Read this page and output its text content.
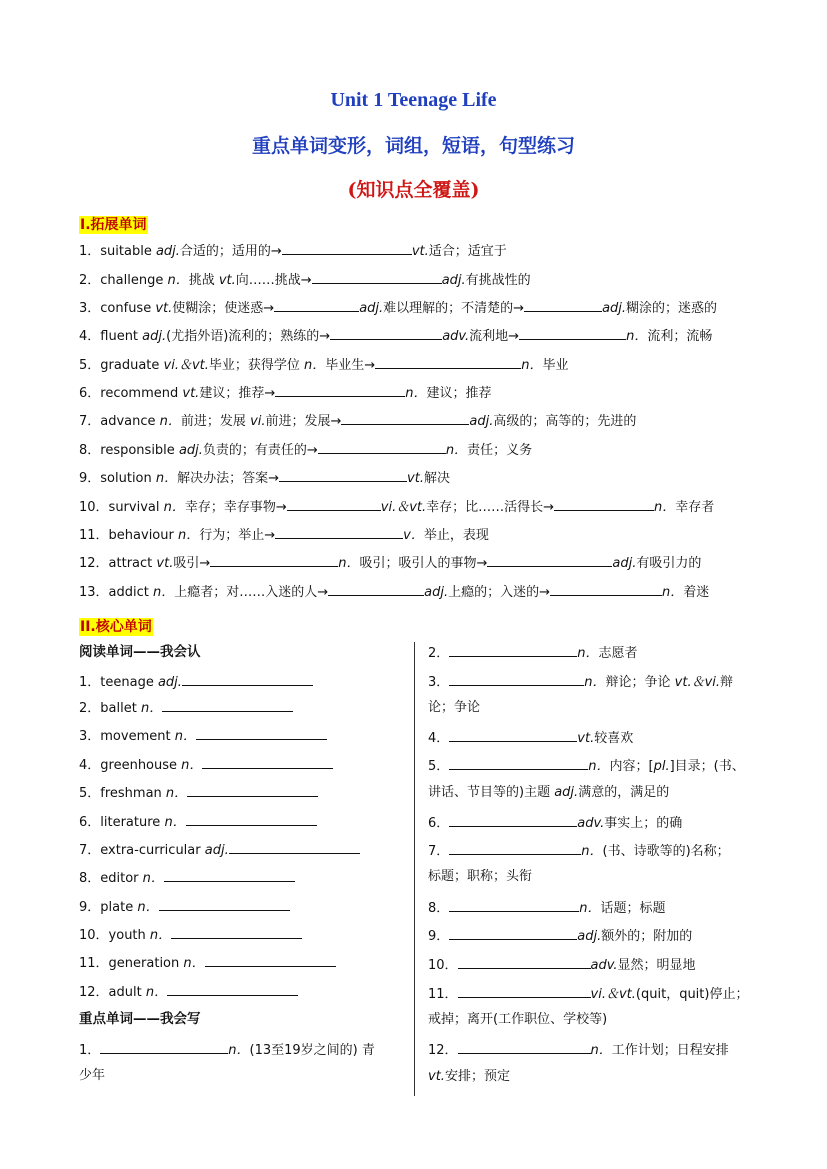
Unit 1 Teenage Life
重点单词变形，词组，短语，句型练习
(知识点全覆盖)
I.拓展单词
1．suitable adj.合适的；适用的→	vt.适合；适宜于
2．challenge n．挑战 vt.向……挑战→	adj.有挑战性的
3．confuse vt.使糊涂；使迷惑→	adj.难以理解的；不清楚的→	adj.糊涂的；迷惑的
4．fluent adj.(尤指外语)流利的；熟练的→	adv.流利地→	n．流利；流畅
5．graduate vi.＆vt.毕业；获得学位 n．毕业生→	n．毕业
6．recommend vt.建议；推荐→	n．建议；推荐
7．advance n．前进；发展 vi.前进；发展→	adj.高级的；高等的；先进的
8．responsible adj.负责的；有责任的→	n．责任；义务
9．solution n．解决办法；答案→	vt.解决
10．survival n．幸存；幸存事物→	vi.＆vt.幸存；比……活得长→	n．幸存者
11．behaviour n．行为；举止→	v．举止，表现
12．attract vt.吸引→	n．吸引；吸引人的事物→	adj.有吸引力的
13．addict n．上瘾者；对……入迷的人→	adj.上瘾的；入迷的→	n．着迷
II.核心单词
阅读单词——我会认
1．teenage adj.
2．ballet n．
3．movement n．
4．greenhouse n．
5．freshman n．
6．literature n．
7．extra-curricular adj.
8．editor n．
9．plate n．
10．youth n．
11．generation n．
12．adult n．
重点单词——我会写
1．	n．(13至19岁之间的) 青
少年
2．	n．志愿者
3．	n．辩论；争论 vt.＆vi.辩
论；争论
4．	vt.较喜欢
5．	n．内容；[pl.]目录；(书、
讲话、节目等的)主题 adj.满意的，满足的
6．	adv.事实上；的确
7．	n．(书、诗歌等的)名称；
标题；职称；头衔
8．	n．话题；标题
9．	adj.额外的；附加的
10．	adv.显然；明显地
11．	vi.＆vt.(quit，quit)停止；
戒掉；离开(工作职位、学校等)
12．	n．工作计划；日程安排
vt.安排；预定
